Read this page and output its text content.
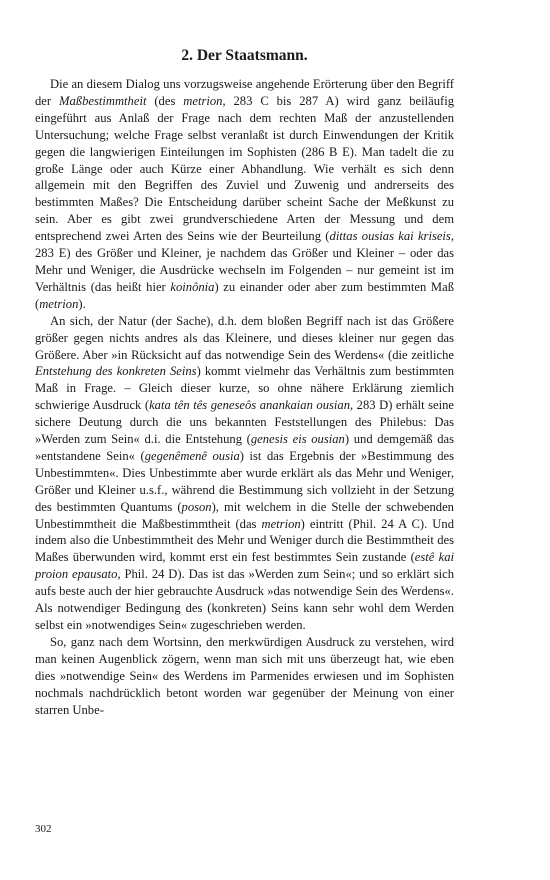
2. Der Staatsmann.

Die an diesem Dialog uns vorzugsweise angehende Erörterung über den Begriff der Maßbestimmtheit (des metrion, 283 C bis 287 A) wird ganz beiläufig eingeführt aus Anlaß der Frage nach dem rechten Maß der anzustellenden Untersuchung; welche Frage selbst veranlaßt ist durch Einwendungen der Kritik gegen die langwierigen Einteilungen im Sophisten (286 B E). Man tadelt die zu große Länge oder auch Kürze einer Abhandlung. Wie verhält es sich denn allgemein mit den Begriffen des Zuviel und Zuwenig und andrerseits des bestimmten Maßes? Die Entscheidung darüber scheint Sache der Meßkunst zu sein. Aber es gibt zwei grundverschiedene Arten der Messung und dem entsprechend zwei Arten des Seins wie der Beurteilung (dittas ousias kai kriseis, 283 E) des Größer und Kleiner, je nachdem das Größer und Kleiner – oder das Mehr und Weniger, die Ausdrücke wechseln im Folgenden – nur gemeint ist im Verhältnis (das heißt hier koinônia) zu einander oder aber zum bestimmten Maß (metrion).

An sich, der Natur (der Sache), d.h. dem bloßen Begriff nach ist das Größere größer gegen nichts andres als das Kleinere, und dieses kleiner nur gegen das Größere. Aber »in Rücksicht auf das notwendige Sein des Werdens« (die zeitliche Entstehung des konkreten Seins) kommt vielmehr das Verhältnis zum bestimmten Maß in Frage. – Gleich dieser kurze, so ohne nähere Erklärung ziemlich schwierige Ausdruck (kata tên tês geneseôs anankaian ousian, 283 D) erhält seine sichere Deutung durch die uns bekannten Feststellungen des Philebus: Das »Werden zum Sein« d.i. die Entstehung (genesis eis ousian) und demgemäß das »entstandene Sein« (gegenêmenê ousia) ist das Ergebnis der »Bestimmung des Unbestimmten«. Dies Unbestimmte aber wurde erklärt als das Mehr und Weniger, Größer und Kleiner u.s.f., während die Bestimmung sich vollzieht in der Setzung des bestimmten Quantums (poson), mit welchem in die Stelle der schwebenden Unbestimmtheit die Maßbestimmtheit (das metrion) eintritt (Phil. 24 A C). Und indem also die Unbestimmtheit des Mehr und Weniger durch die Bestimmtheit des Maßes überwunden wird, kommt erst ein fest bestimmtes Sein zustande (estê kai proion epausato, Phil. 24 D). Das ist das »Werden zum Sein«; und so erklärt sich aufs beste auch der hier gebrauchte Ausdruck »das notwendige Sein des Werdens«. Als notwendiger Bedingung des (konkreten) Seins kann sehr wohl dem Werden selbst ein »notwendiges Sein« zugeschrieben werden.

So, ganz nach dem Wortsinn, den merkwürdigen Ausdruck zu verstehen, wird man keinen Augenblick zögern, wenn man sich mit uns überzeugt hat, wie eben dies »notwendige Sein« des Werdens im Parmenides erwiesen und im Sophisten nochmals nachdrücklich betont worden war gegenüber der Meinung von einer starren Unbe-

302
